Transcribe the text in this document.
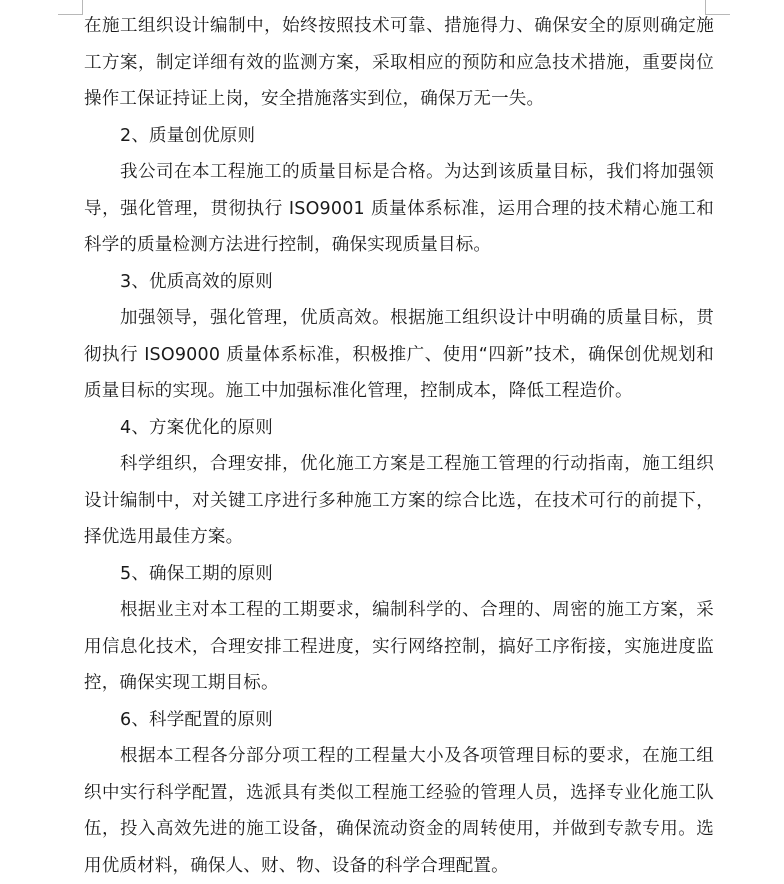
在施工组织设计编制中，始终按照技术可靠、措施得力、确保安全的原则确定施工方案，制定详细有效的监测方案，采取相应的预防和应急技术措施，重要岗位操作工保证持证上岗，安全措施落实到位，确保万无一失。

2、质量创优原则

我公司在本工程施工的质量目标是合格。为达到该质量目标，我们将加强领导，强化管理，贯彻执行 ISO9001 质量体系标准，运用合理的技术精心施工和科学的质量检测方法进行控制，确保实现质量目标。

3、优质高效的原则

加强领导，强化管理，优质高效。根据施工组织设计中明确的质量目标，贯彻执行 ISO9000 质量体系标准，积极推广、使用“四新”技术，确保创优规划和质量目标的实现。施工中加强标准化管理，控制成本，降低工程造价。

4、方案优化的原则

科学组织，合理安排，优化施工方案是工程施工管理的行动指南，施工组织设计编制中，对关键工序进行多种施工方案的综合比选，在技术可行的前提下，择优选用最佳方案。

5、确保工期的原则

根据业主对本工程的工期要求，编制科学的、合理的、周密的施工方案，采用信息化技术，合理安排工程进度，实行网络控制，搞好工序衔接，实施进度监控，确保实现工期目标。

6、科学配置的原则

根据本工程各分部分项工程的工程量大小及各项管理目标的要求，在施工组织中实行科学配置，选派具有类似工程施工经验的管理人员，选择专业化施工队伍，投入高效先进的施工设备，确保流动资金的周转使用，并做到专款专用。选用优质材料，确保人、财、物、设备的科学合理配置。
